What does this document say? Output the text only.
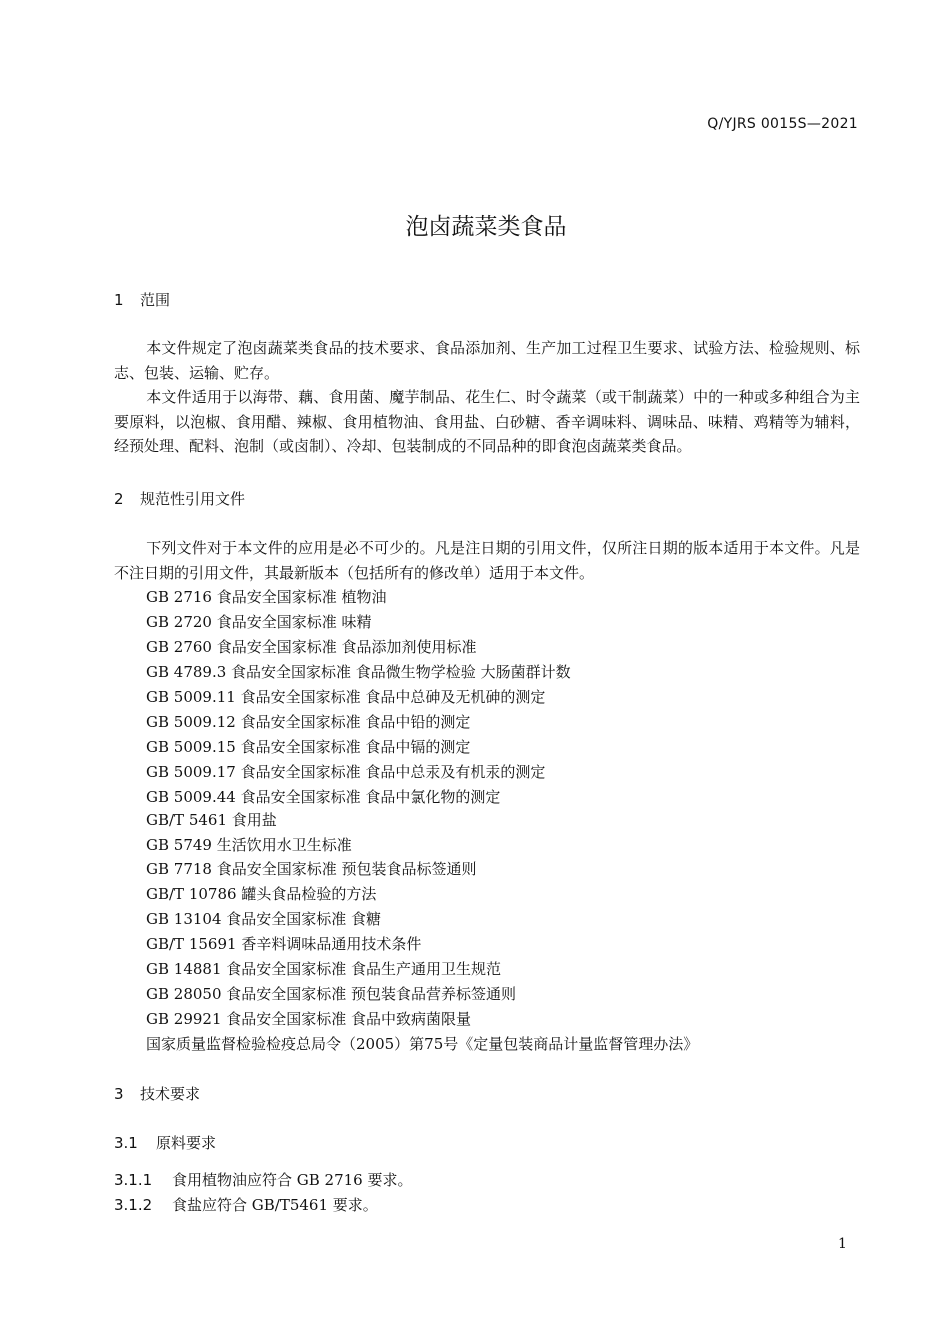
Q/YJRS 0015S—2021
泡卤蔬菜类食品
1 范围
本文件规定了泡卤蔬菜类食品的技术要求、食品添加剂、生产加工过程卫生要求、试验方法、检验规则、标志、包装、运输、贮存。
本文件适用于以海带、藕、食用菌、魔芋制品、花生仁、时令蔬菜（或干制蔬菜）中的一种或多种组合为主要原料，以泡椒、食用醋、辣椒、食用植物油、食用盐、白砂糖、香辛调味料、调味品、味精、鸡精等为辅料，经预处理、配料、泡制（或卤制）、冷却、包装制成的不同品种的即食泡卤蔬菜类食品。
2 规范性引用文件
下列文件对于本文件的应用是必不可少的。凡是注日期的引用文件，仅所注日期的版本适用于本文件。凡是不注日期的引用文件，其最新版本（包括所有的修改单）适用于本文件。
GB 2716 食品安全国家标准 植物油
GB 2720 食品安全国家标准 味精
GB 2760 食品安全国家标准 食品添加剂使用标准
GB 4789.3 食品安全国家标准 食品微生物学检验 大肠菌群计数
GB 5009.11 食品安全国家标准 食品中总砷及无机砷的测定
GB 5009.12 食品安全国家标准 食品中铅的测定
GB 5009.15 食品安全国家标准 食品中镉的测定
GB 5009.17 食品安全国家标准 食品中总汞及有机汞的测定
GB 5009.44 食品安全国家标准 食品中氯化物的测定
GB/T 5461 食用盐
GB 5749 生活饮用水卫生标准
GB 7718 食品安全国家标准 预包装食品标签通则
GB/T 10786 罐头食品检验的方法
GB 13104 食品安全国家标准 食糖
GB/T 15691 香辛料调味品通用技术条件
GB 14881 食品安全国家标准 食品生产通用卫生规范
GB 28050 食品安全国家标准 预包装食品营养标签通则
GB 29921 食品安全国家标准 食品中致病菌限量
国家质量监督检验检疫总局令（2005）第75号《定量包装商品计量监督管理办法》
3 技术要求
3.1 原料要求
3.1.1 食用植物油应符合 GB 2716 要求。
3.1.2 食盐应符合 GB/T5461 要求。
1
